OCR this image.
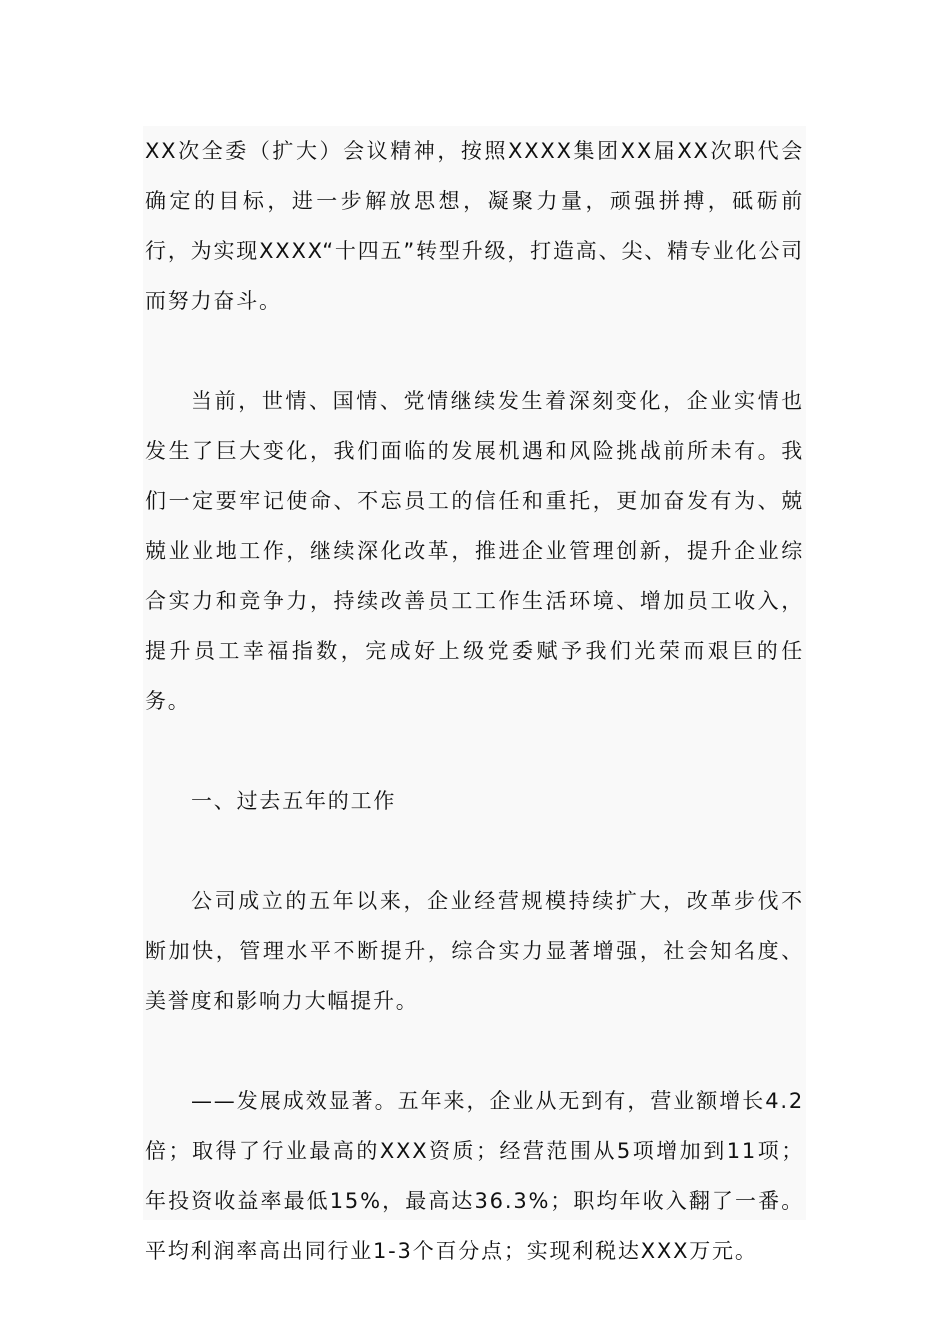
XX次全委（扩大）会议精神，按照XXXX集团XX届XX次职代会确定的目标，进一步解放思想，凝聚力量，顽强拼搏，砥砺前行，为实现XXXX“十四五”转型升级，打造高、尖、精专业化公司而努力奋斗。

当前，世情、国情、党情继续发生着深刻变化，企业实情也发生了巨大变化，我们面临的发展机遇和风险挑战前所未有。我们一定要牢记使命、不忘员工的信任和重托，更加奋发有为、兢兢业业地工作，继续深化改革，推进企业管理创新，提升企业综合实力和竞争力，持续改善员工工作生活环境、增加员工收入，提升员工幸福指数，完成好上级党委赋予我们光荣而艰巨的任务。

一、过去五年的工作

公司成立的五年以来，企业经营规模持续扩大，改革步伐不断加快，管理水平不断提升，综合实力显著增强，社会知名度、美誉度和影响力大幅提升。

——发展成效显著。五年来，企业从无到有，营业额增长4.2倍；取得了行业最高的XXX资质；经营范围从5项增加到11项；年投资收益率最低15%，最高达36.3%；职均年收入翻了一番。平均利润率高出同行业1-3个百分点；实现利税达XXX万元。
